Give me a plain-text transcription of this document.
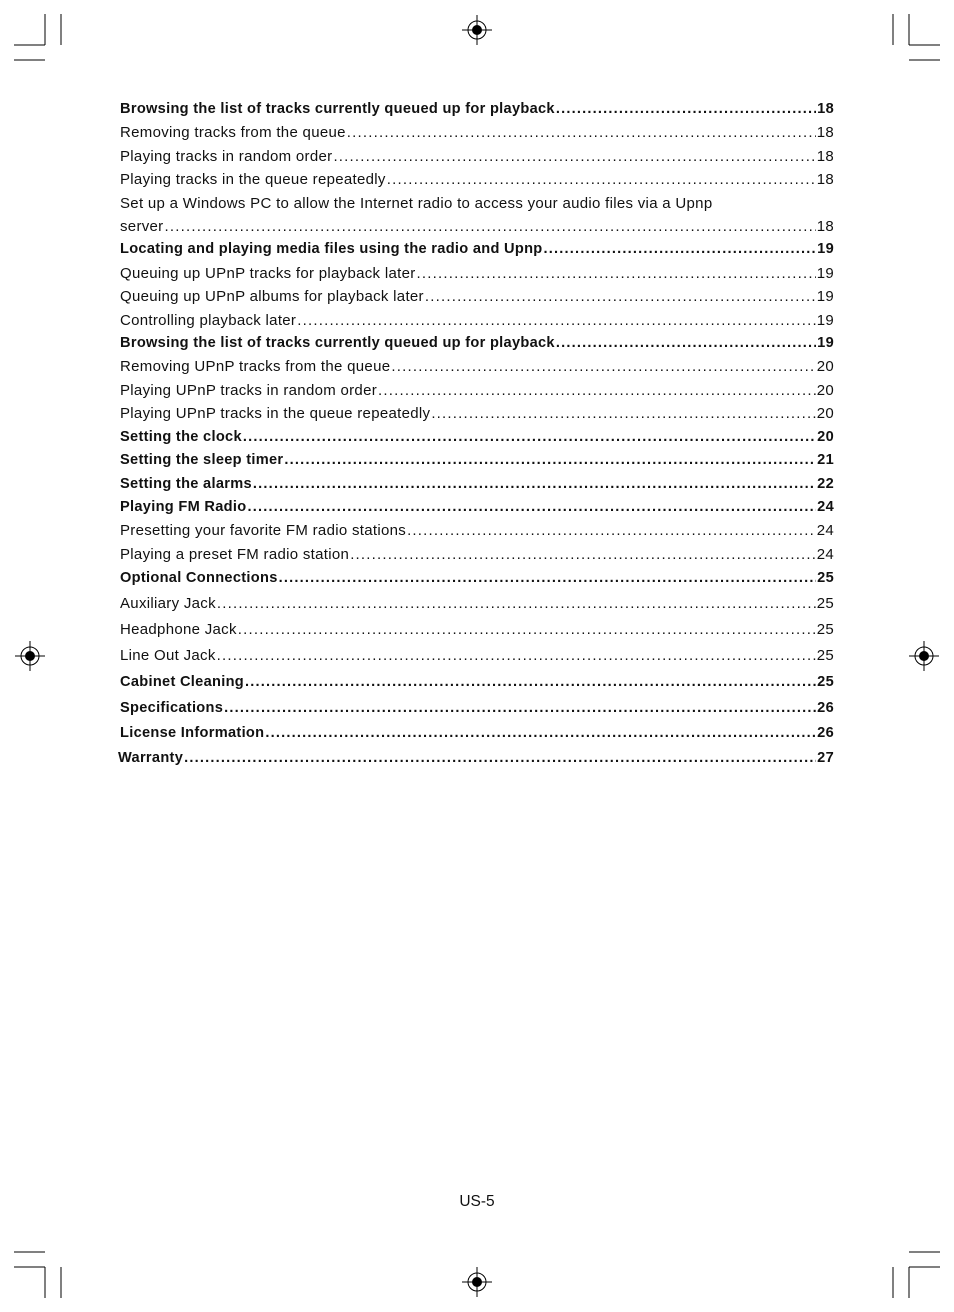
Browsing the list of tracks currently queued up for playback .....	18
Removing tracks from the queue .....	18
Playing tracks in random order .....	18
Playing tracks in the queue repeatedly .....	18
Set up a Windows PC to allow the Internet radio to access your audio files via a Upnp
server .....	18
Locating and playing media files using the radio and Upnp .....	19
Queuing up UPnP tracks for playback later .....	19
Queuing up UPnP albums for playback later .....	19
Controlling playback later .....	19
Browsing the list of tracks currently queued up for playback .....	19
Removing UPnP tracks from the queue .....	20
Playing UPnP tracks in random order .....	20
Playing UPnP tracks in the queue repeatedly .....	20
Setting the clock .....	20
Setting the sleep timer .....	21
Setting the alarms .....	22
Playing FM Radio .....	24
Presetting your favorite FM radio stations .....	24
Playing a preset FM radio station .....	24
Optional Connections .....	25
Auxiliary Jack .....	25
Headphone Jack .....	25
Line Out Jack .....	25
Cabinet Cleaning .....	25
Specifications .....	26
License Information .....	26
Warranty .....	27
US-5
